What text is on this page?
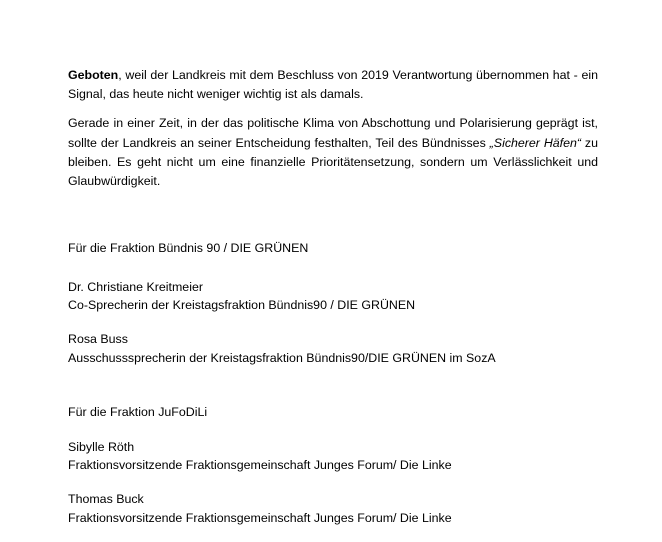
Geboten, weil der Landkreis mit dem Beschluss von 2019 Verantwortung übernommen hat - ein Signal, das heute nicht weniger wichtig ist als damals.

Gerade in einer Zeit, in der das politische Klima von Abschottung und Polarisierung geprägt ist, sollte der Landkreis an seiner Entscheidung festhalten, Teil des Bündnisses „Sicherer Häfen“ zu bleiben. Es geht nicht um eine finanzielle Prioritätensetzung, sondern um Verlässlichkeit und Glaubwürdigkeit.

Für die Fraktion Bündnis 90 / DIE GRÜNEN

Dr. Christiane Kreitmeier

Co-Sprecherin der Kreistagsfraktion Bündnis90 / DIE GRÜNEN

Rosa Buss

Ausschusssprecherin der Kreistagsfraktion Bündnis90/DIE GRÜNEN im SozA

Für die Fraktion JuFoDiLi

Sibylle Röth

Fraktionsvorsitzende Fraktionsgemeinschaft Junges Forum/ Die Linke

Thomas Buck

Fraktionsvorsitzende Fraktionsgemeinschaft Junges Forum/ Die Linke
